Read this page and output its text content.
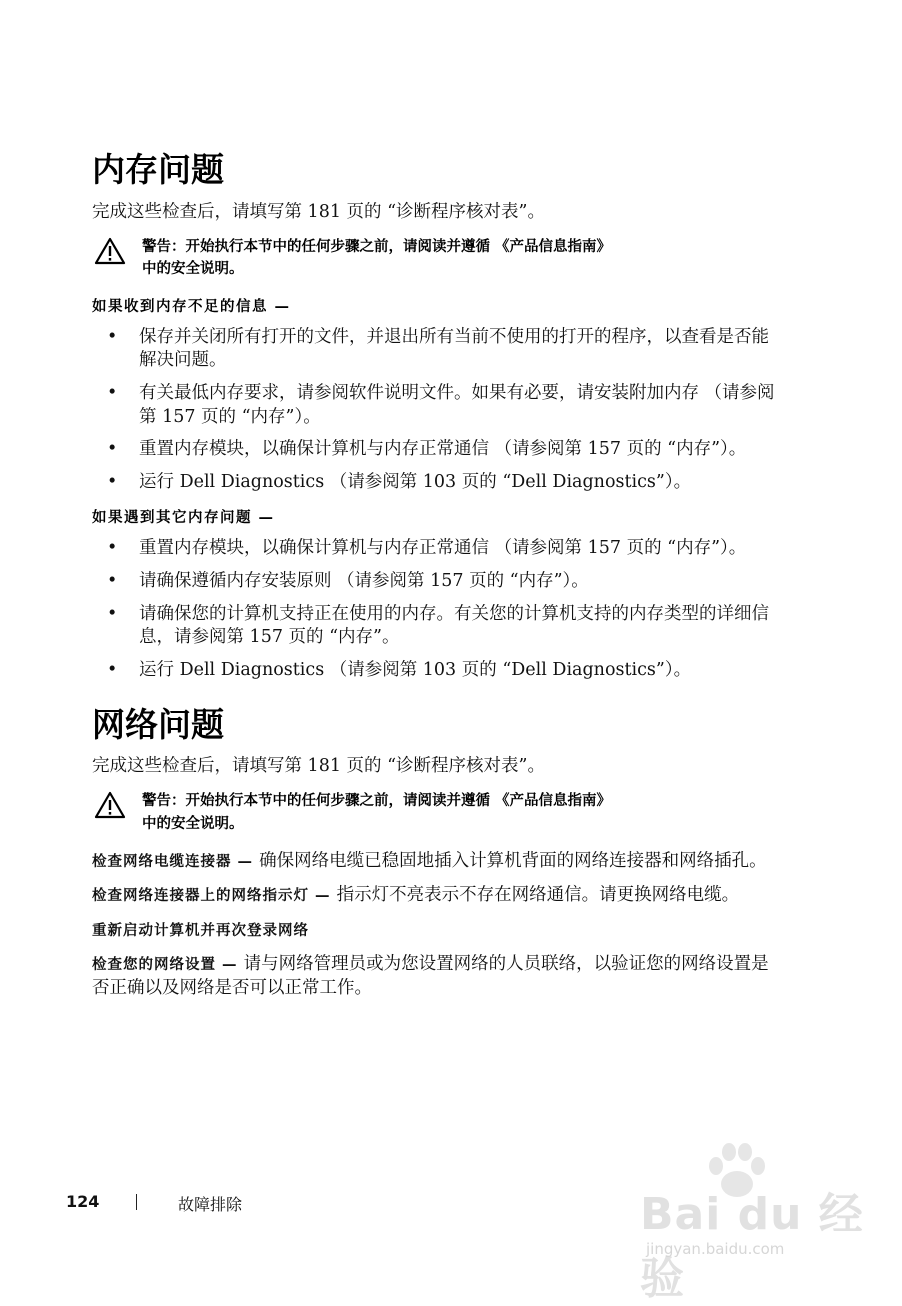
内存问题

完成这些检查后，请填写第 181 页的 “诊断程序核对表”。

警告：开始执行本节中的任何步骤之前，请阅读并遵循 《产品信息指南》
中的安全说明。
如果收到内存不足的信息 —
• 保存并关闭所有打开的文件，并退出所有当前不使用的打开的程序，以查看是否能解决问题。
• 有关最低内存要求，请参阅软件说明文件。如果有必要，请安装附加内存 （请参阅第 157 页的 “内存”）。
• 重置内存模块，以确保计算机与内存正常通信 （请参阅第 157 页的 “内存”）。
• 运行 Dell Diagnostics （请参阅第 103 页的 “Dell Diagnostics”）。
如果遇到其它内存问题 —
• 重置内存模块，以确保计算机与内存正常通信 （请参阅第 157 页的 “内存”）。
• 请确保遵循内存安装原则 （请参阅第 157 页的 “内存”）。
• 请确保您的计算机支持正在使用的内存。有关您的计算机支持的内存类型的详细信息，请参阅第 157 页的 “内存”。
• 运行 Dell Diagnostics （请参阅第 103 页的 “Dell Diagnostics”）。
网络问题

完成这些检查后，请填写第 181 页的 “诊断程序核对表”。

警告：开始执行本节中的任何步骤之前，请阅读并遵循 《产品信息指南》
中的安全说明。

检查网络电缆连接器 — 确保网络电缆已稳固地插入计算机背面的网络连接器和网络插孔。

检查网络连接器上的网络指示灯 — 指示灯不亮表示不存在网络通信。请更换网络电缆。

重新启动计算机并再次登录网络

检查您的网络设置 — 请与网络管理员或为您设置网络的人员联络，以验证您的网络设置是否正确以及网络是否可以正常工作。

124	故障排除	Bai du 经验
jingyan.baidu.com
